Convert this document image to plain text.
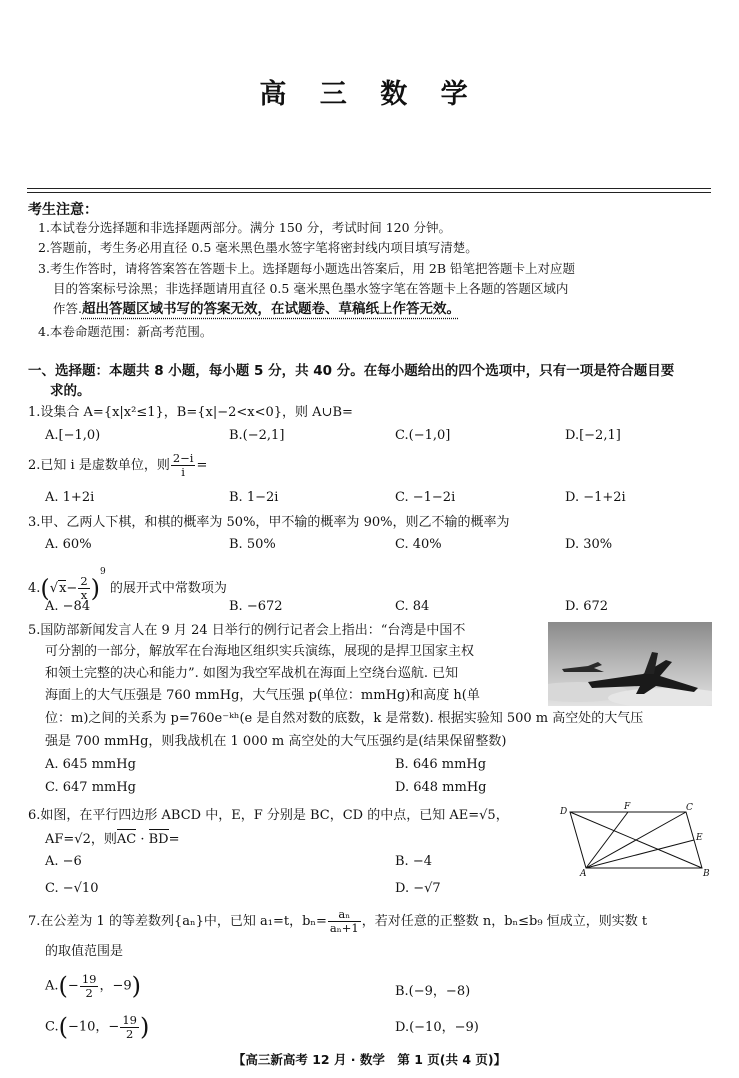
高 三 数 学
考生注意：
1.本试卷分选择题和非选择题两部分。满分 150 分，考试时间 120 分钟。
2.答题前，考生务必用直径 0.5 毫米黑色墨水签字笔将密封线内项目填写清楚。
3.考生作答时，请将答案答在答题卡上。选择题每小题选出答案后，用 2B 铅笔把答题卡上对应题
目的答案标号涂黑；非选择题请用直径 0.5 毫米黑色墨水签字笔在答题卡上各题的答题区域内
作答.超出答题区域书写的答案无效，在试题卷、草稿纸上作答无效。
4.本卷命题范围：新高考范围。
一、选择题：本题共 8 小题，每小题 5 分，共 40 分。在每小题给出的四个选项中，只有一项是符合题目要
求的。
1.设集合 A={x|x²≤1}，B={x|−2<x<0}，则 A∪B=
A.[−1,0)	B.(−2,1]	C.(−1,0]	D.[−2,1]
2.已知 i 是虚数单位，则 $\frac{2-i}{i}$ =
A. 1+2i	B. 1−2i	C. −1−2i	D. −1+2i
3.甲、乙两人下棋，和棋的概率为 50%，甲不输的概率为 90%，则乙不输的概率为
A. 60%	B. 50%	C. 40%	D. 30%
$4.(√x- \frac{2}{x} )^9$ 的展开式中常数项为
A. −84	B. −672	C. 84	D. 672
5.国防部新闻发言人在 9 月 24 日举行的例行记者会上指出：“台湾是中国不
可分割的一部分，解放军在台海地区组织实兵演练，展现的是捍卫国家主权
和领土完整的决心和能力”. 如图为我空军战机在海面上空绕台巡航. 已知
海面上的大气压强是 760 mmHg，大气压强 p(单位：mmHg)和高度 h(单
位：m)之间的关系为 p=760e⁻ᵏʰ(e 是自然对数的底数，k 是常数). 根据实验知 500 m 高空处的大气压
强是 700 mmHg，则我战机在 1 000 m 高空处的大气压强约是(结果保留整数)
A. 645 mmHg	B. 646 mmHg
C. 647 mmHg	D. 648 mmHg
6.如图，在平行四边形 ABCD 中，E，F 分别是 BC，CD 的中点，已知 AE=√5，
AF=√2，则AC · BD=
A. −6	B. −4
C. −√10	D. −√7
A	B
C
D
E
F
7.在公差为 1 的等差数列{aₙ}中，已知 a₁=t，$b_n= \frac{\text{aₙ}}{\text{aₙ+1}}$ ，若对任意的正整数 n，bₙ≤b₉ 恒成立，则实数 t
的取值范围是
$A.(- \frac{19}{2}$ ，−9)	B.(−9，−8)
C.(−10，− $\frac{19}{2}$ )	D.(−10，−9)
【高三新高考 12 月 · 数学　第 1 页(共 4 页)】
